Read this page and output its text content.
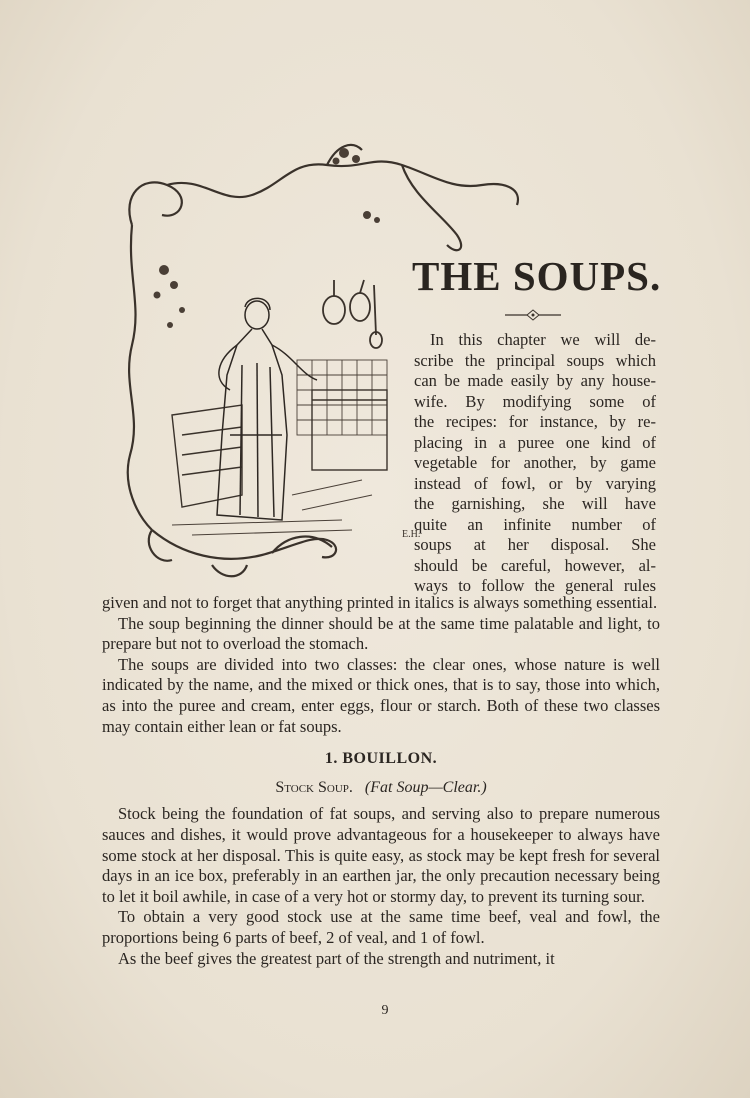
E.H.
THE SOUPS.
In this chapter we will de-
scribe the principal soups which
can be made easily by any house-
wife. By modifying some of
the recipes: for instance, by re-
placing in a puree one kind of
vegetable for another, by game
instead of fowl, or by varying
the garnishing, she will have
quite an infinite number of
soups at her disposal. She
should be careful, however, al-
ways to follow the general rules

given and not to forget that anything printed in italics is always something essential.

The soup beginning the dinner should be at the same time palatable and light, to prepare but not to overload the stomach.

The soups are divided into two classes: the clear ones, whose nature is well indicated by the name, and the mixed or thick ones, that is to say, those into which, as into the puree and cream, enter eggs, flour or starch. Both of these two classes may contain either lean or fat soups.

1. BOUILLON.
Stock Soup. (Fat Soup—Clear.)

Stock being the foundation of fat soups, and serving also to prepare numerous sauces and dishes, it would prove advantageous for a housekeeper to always have some stock at her disposal. This is quite easy, as stock may be kept fresh for several days in an ice box, preferably in an earthen jar, the only precaution necessary being to let it boil awhile, in case of a very hot or stormy day, to prevent its turning sour.

To obtain a very good stock use at the same time beef, veal and fowl, the proportions being 6 parts of beef, 2 of veal, and 1 of fowl.

As the beef gives the greatest part of the strength and nutriment, it

9
